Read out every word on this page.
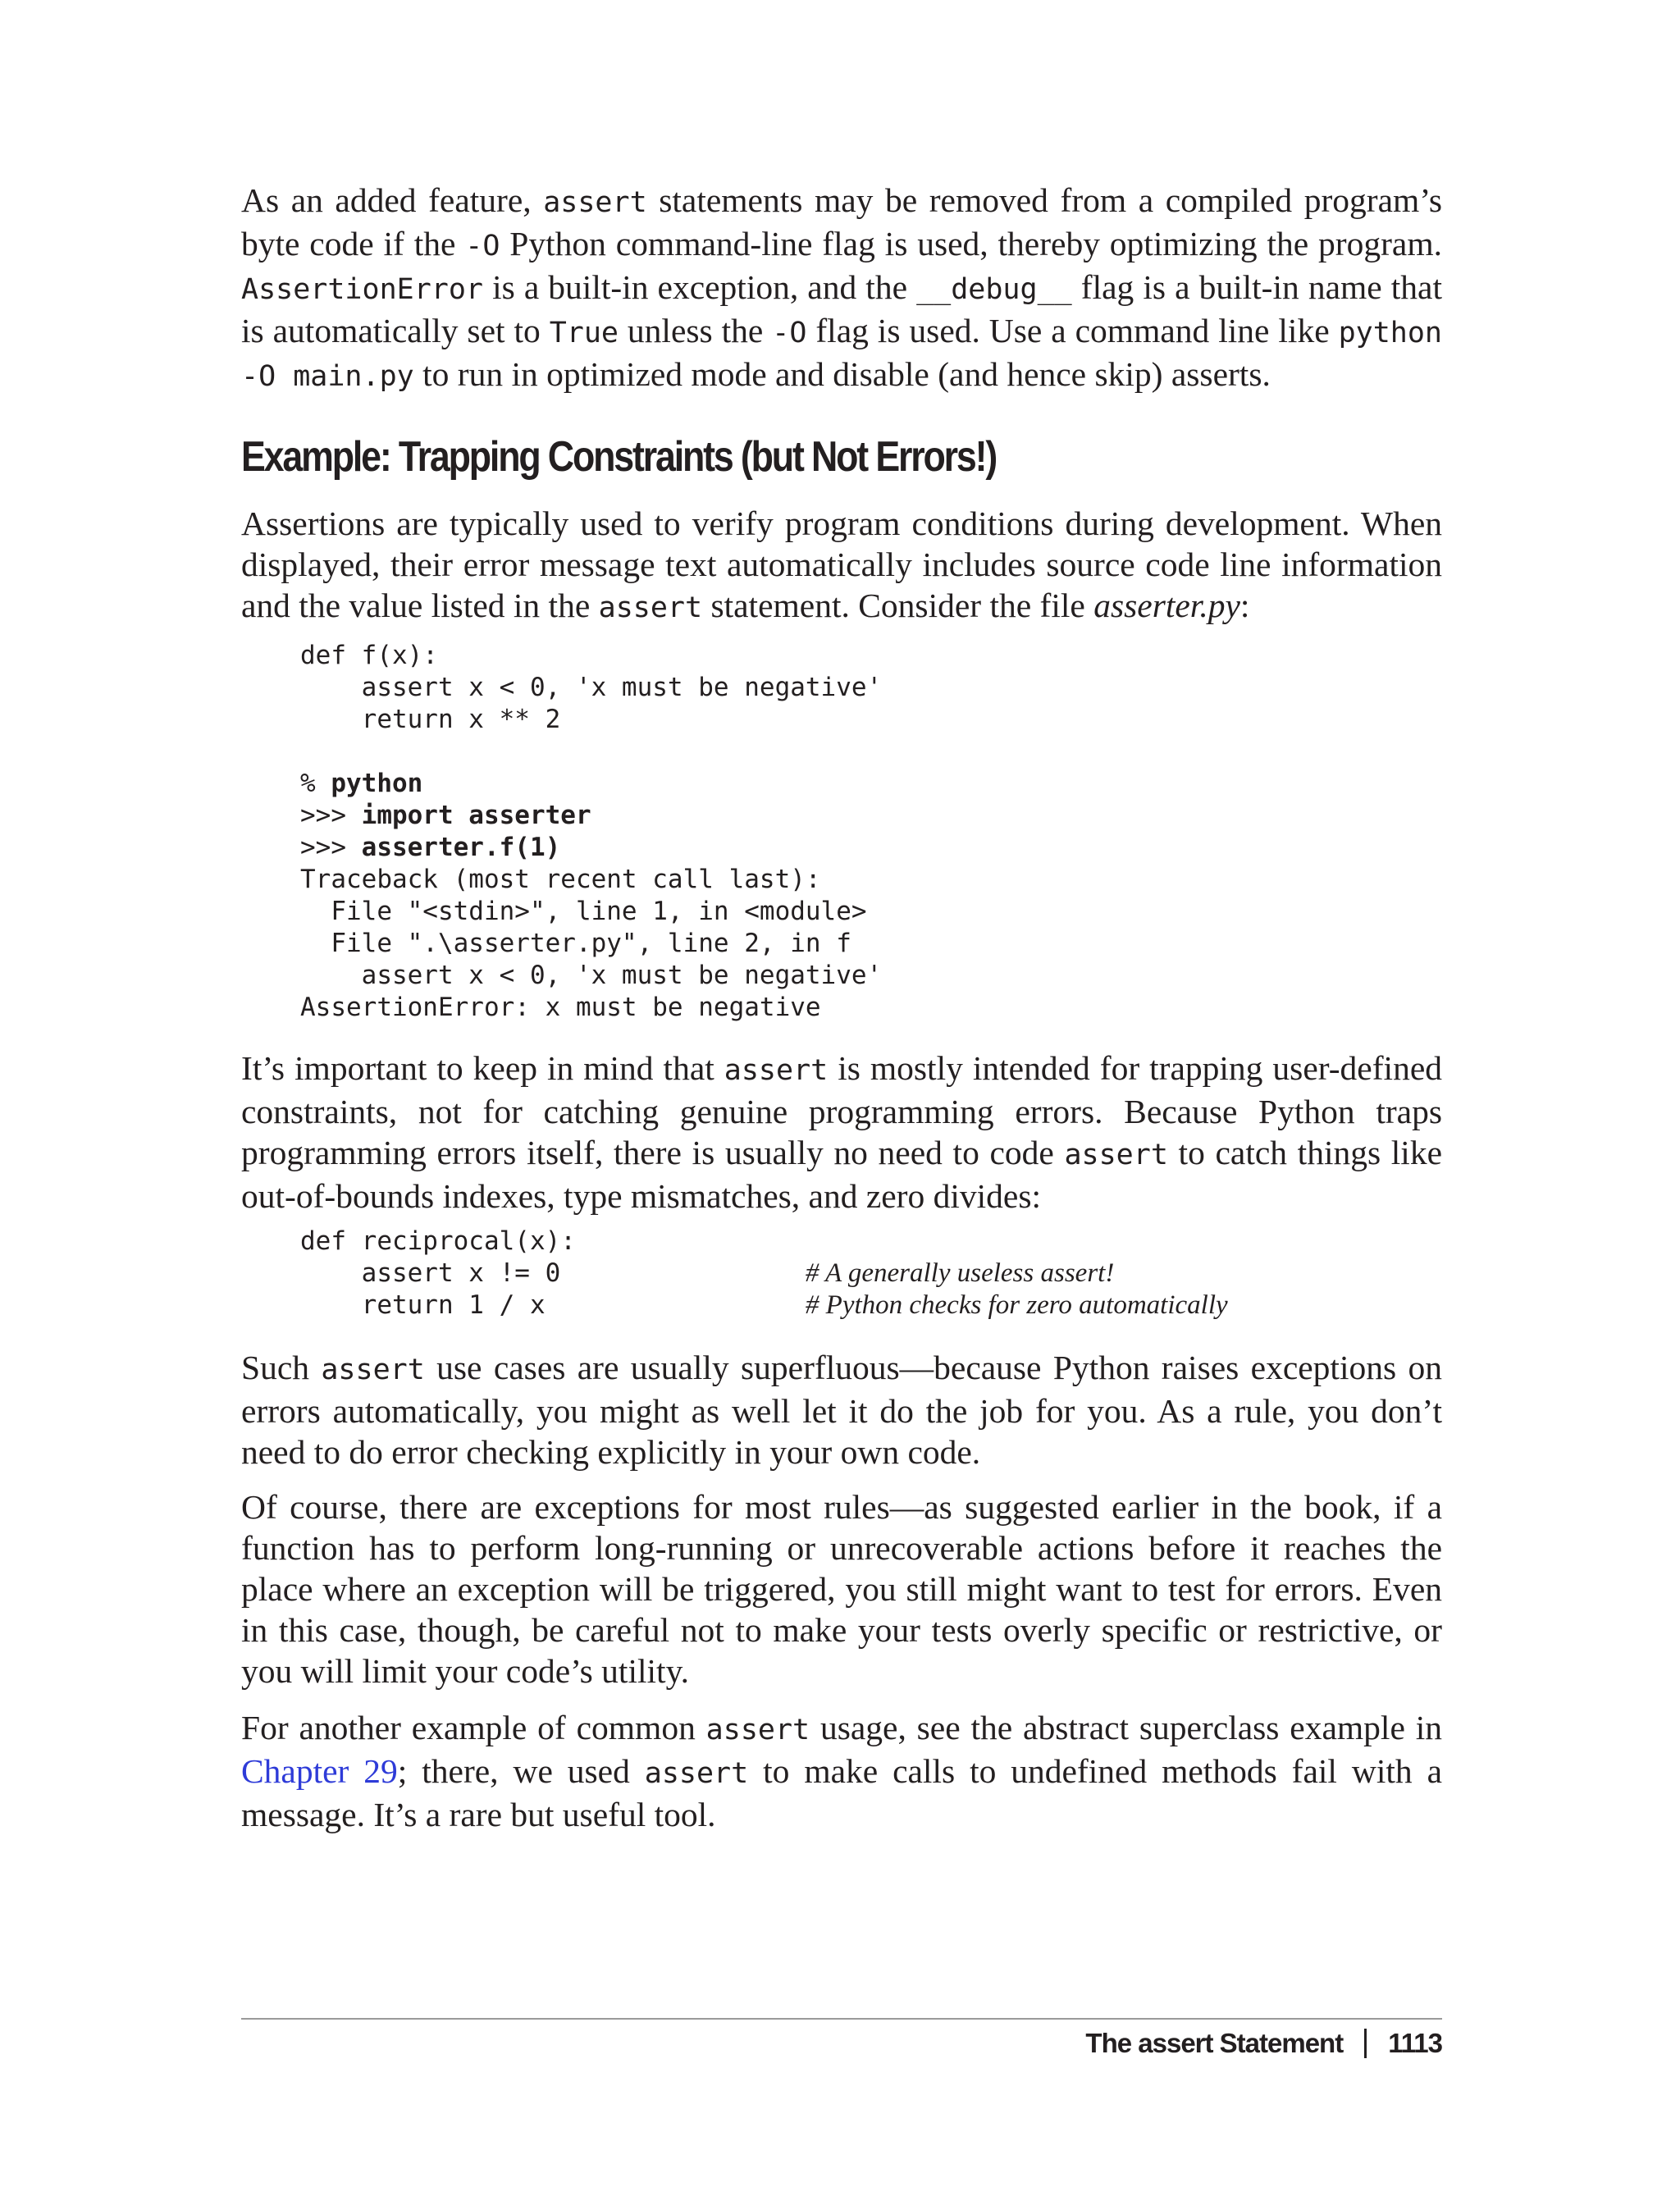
As an added feature, assert statements may be removed from a compiled program’s byte code if the -O Python command-line flag is used, thereby optimizing the program. AssertionError is a built-in exception, and the __debug__ flag is a built-in name that is automatically set to True unless the -O flag is used. Use a command line like python -O main.py to run in optimized mode and disable (and hence skip) asserts.

Example: Trapping Constraints (but Not Errors!)

Assertions are typically used to verify program conditions during development. When displayed, their error message text automatically includes source code line information and the value listed in the assert statement. Consider the file asserter.py:

def f(x):
assert x < 0, 'x must be negative'
return x ** 2
% python
>>> import asserter
>>> asserter.f(1)
Traceback (most recent call last):
File "<stdin>", line 1, in <module>
File ".\asserter.py", line 2, in f
assert x < 0, 'x must be negative'
AssertionError: x must be negative

It’s important to keep in mind that assert is mostly intended for trapping user-defined constraints, not for catching genuine programming errors. Because Python traps programming errors itself, there is usually no need to code assert to catch things like out-of-bounds indexes, type mismatches, and zero divides:

def reciprocal(x):
assert x != 0                # A generally useless assert!
return 1 / x                 # Python checks for zero automatically

Such assert use cases are usually superfluous—because Python raises exceptions on errors automatically, you might as well let it do the job for you. As a rule, you don’t need to do error checking explicitly in your own code.

Of course, there are exceptions for most rules—as suggested earlier in the book, if a function has to perform long-running or unrecoverable actions before it reaches the place where an exception will be triggered, you still might want to test for errors. Even in this case, though, be careful not to make your tests overly specific or restrictive, or you will limit your code’s utility.

For another example of common assert usage, see the abstract superclass example in Chapter 29; there, we used assert to make calls to undefined methods fail with a message. It’s a rare but useful tool.

The assert Statement 1113
